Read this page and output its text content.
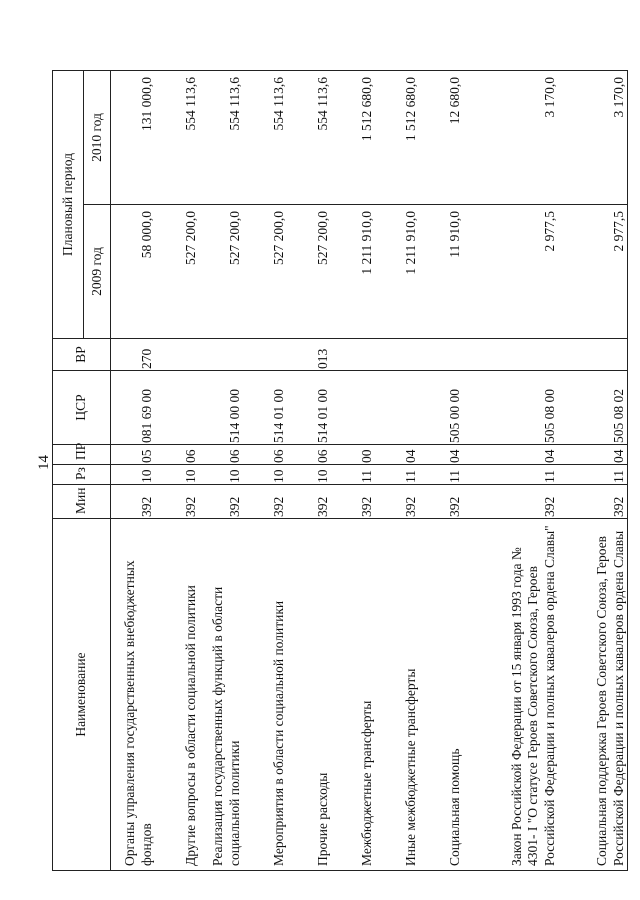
14
Наименование	Мин	Рз	ПР	ЦСР	ВР	Плановый период	
						2009 год	2010 год
Органы управления государственных внебюджетных фондов	392	10	05	081 69 00	270	58 000,0	131 000,0
Другие вопросы в области социальной политики	392	10	06			527 200,0	554 113,6
Реализация государственных функций в области социальной политики	392	10	06	514 00 00		527 200,0	554 113,6
Мероприятия в области социальной политики	392	10	06	514 01 00		527 200,0	554 113,6
Прочие расходы	392	10	06	514 01 00	013	527 200,0	554 113,6
Межбюджетные трансферты	392	11	00			1 211 910,0	1 512 680,0
Иные межбюджетные трансферты	392	11	04			1 211 910,0	1 512 680,0
Социальная помощь	392	11	04	505 00 00		11 910,0	12 680,0
Закон Российской Федерации от 15 января 1993 года № 4301- I "О статусе Героев Советского Союза, Героев Российской Федерации и полных кавалеров ордена Славы"	392	11	04	505 08 00		2 977,5	3 170,0
Социальная поддержка Героев Советского Союза, Героев Российской Федерации и полных кавалеров ордена Славы	392	11	04	505 08 02		2 977,5	3 170,0
